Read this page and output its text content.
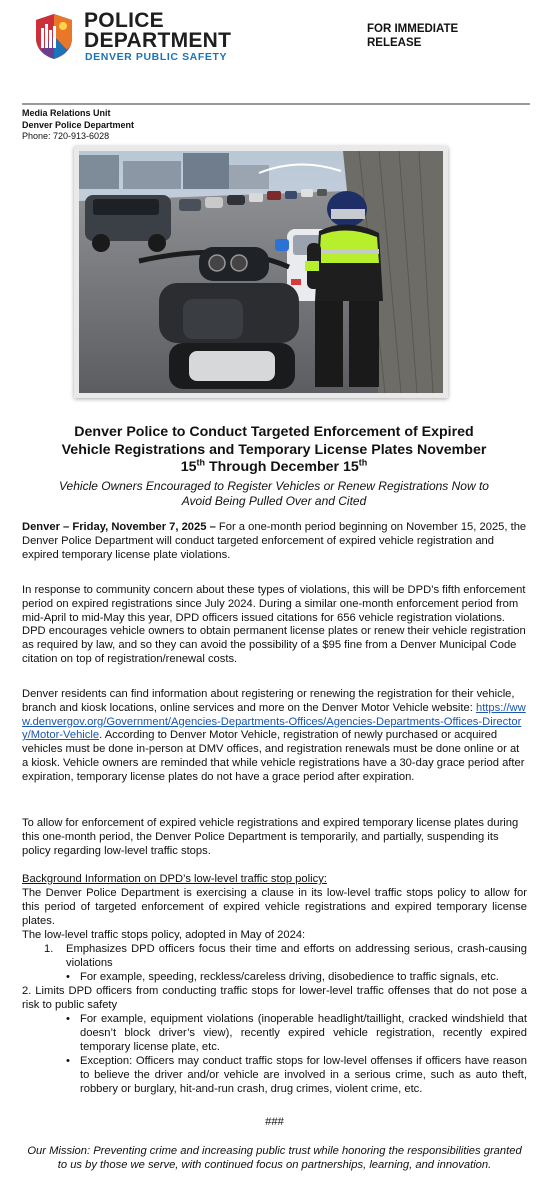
POLICE
DEPARTMENT
DENVER PUBLIC SAFETY
FOR IMMEDIATE
RELEASE
Media Relations Unit
Denver Police Department
Phone: 720-913-6028
Denver Police to Conduct Targeted Enforcement of Expired
Vehicle Registrations and Temporary License Plates November
15th Through December 15th
Vehicle Owners Encouraged to Register Vehicles or Renew Registrations Now to
Avoid Being Pulled Over and Cited
Denver – Friday, November 7, 2025 – For a one-month period beginning on November 15, 2025, the Denver Police Department will conduct targeted enforcement of expired vehicle registration and expired temporary license plate violations.
In response to community concern about these types of violations, this will be DPD’s fifth enforcement period on expired registrations since July 2024. During a similar one-month enforcement period from mid-April to mid-May this year, DPD officers issued citations for 656 vehicle registration violations. DPD encourages vehicle owners to obtain permanent license plates or renew their vehicle registration as required by law, and so they can avoid the possibility of a $95 fine from a Denver Municipal Code citation on top of registration/renewal costs.
Denver residents can find information about registering or renewing the registration for their vehicle, branch and kiosk locations, online services and more on the Denver Motor Vehicle website: https://www.denvergov.org/Government/Agencies-Departments-Offices/Agencies-Departments-Offices-Directory/Motor-Vehicle. According to Denver Motor Vehicle, registration of newly purchased or acquired vehicles must be done in-person at DMV offices, and registration renewals must be done online or at a kiosk. Vehicle owners are reminded that while vehicle registrations have a 30-day grace period after expiration, temporary license plates do not have a grace period after expiration.
To allow for enforcement of expired vehicle registrations and expired temporary license plates during this one-month period, the Denver Police Department is temporarily, and partially, suspending its policy regarding low-level traffic stops.
Background Information on DPD’s low-level traffic stop policy:
The Denver Police Department is exercising a clause in its low-level traffic stops policy to allow for this period of targeted enforcement of expired vehicle registrations and expired temporary license plates.
The low-level traffic stops policy, adopted in May of 2024:
1. Emphasizes DPD officers focus their time and efforts on addressing serious, crash-causing violations
• For example, speeding, reckless/careless driving, disobedience to traffic signals, etc.
2. Limits DPD officers from conducting traffic stops for lower-level traffic offenses that do not pose a risk to public safety
• For example, equipment violations (inoperable headlight/taillight, cracked windshield that doesn’t block driver’s view), recently expired vehicle registration, recently expired temporary license plate, etc.
• Exception: Officers may conduct traffic stops for low-level offenses if officers have reason to believe the driver and/or vehicle are involved in a serious crime, such as auto theft, robbery or burglary, hit-and-run crash, drug crimes, violent crime, etc.
###
Our Mission: Preventing crime and increasing public trust while honoring the responsibilities granted to us by those we serve, with continued focus on partnerships, learning, and innovation.
